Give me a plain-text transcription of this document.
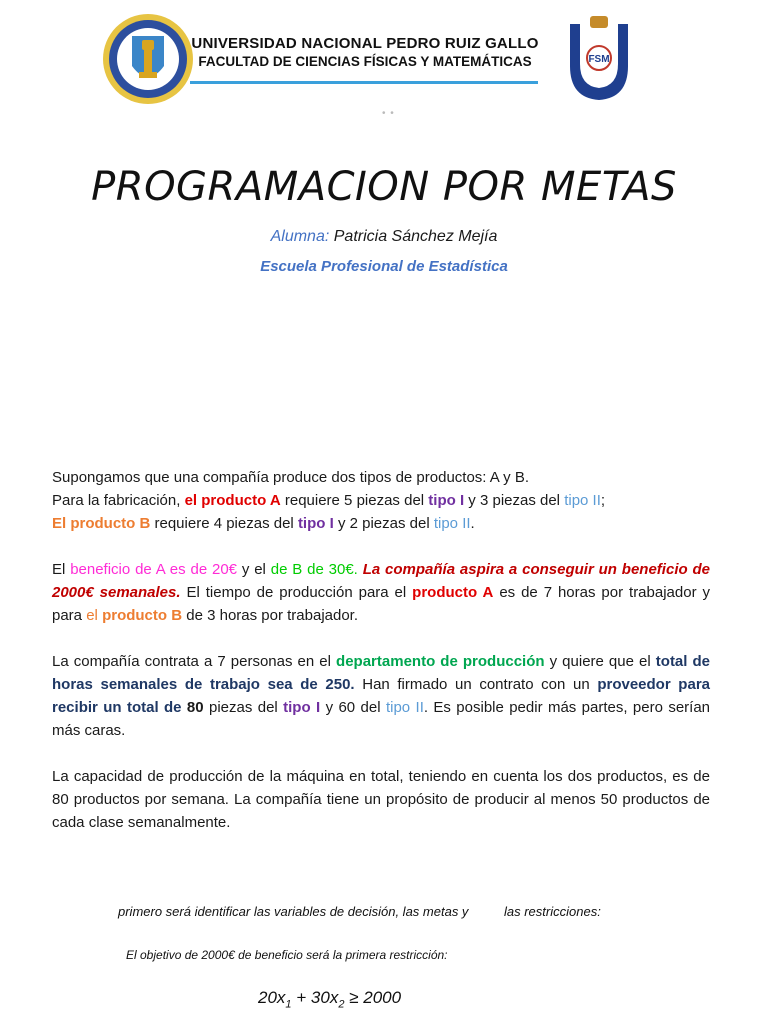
UNIVERSIDAD NACIONAL PEDRO RUIZ GALLO
FACULTAD DE CIENCIAS FÍSICAS Y MATEMÁTICAS
• •
FSM
PROGRAMACION POR METAS
Alumna: Patricia Sánchez Mejía
Escuela Profesional de Estadística

Supongamos que una compañía produce dos tipos de productos: A y B.
Para la fabricación, el producto A requiere 5 piezas del tipo I y 3 piezas del tipo II;
El producto B requiere 4 piezas del tipo I y 2 piezas del tipo II.

El beneficio de A es de 20€ y el de B de 30€. La compañía aspira a conseguir un beneficio de 2000€ semanales. El tiempo de producción para el producto A es de 7 horas por trabajador y para el producto B de 3 horas por trabajador.

La compañía contrata a 7 personas en el departamento de producción y quiere que el total de horas semanales de trabajo sea de 250. Han firmado un contrato con un proveedor para recibir un total de 80 piezas del tipo I y 60 del tipo II. Es posible pedir más partes, pero serían más caras.

La capacidad de producción de la máquina en total, teniendo en cuenta los dos productos, es de 80 productos por semana. La compañía tiene un propósito de producir al menos 50 productos de cada clase semanalmente.

primero será identificar las variables de decisión, las metas y	las restricciones:
El objetivo de 2000€ de beneficio será la primera restricción:
$20x_1 + 30x_2 \ge 2000$
